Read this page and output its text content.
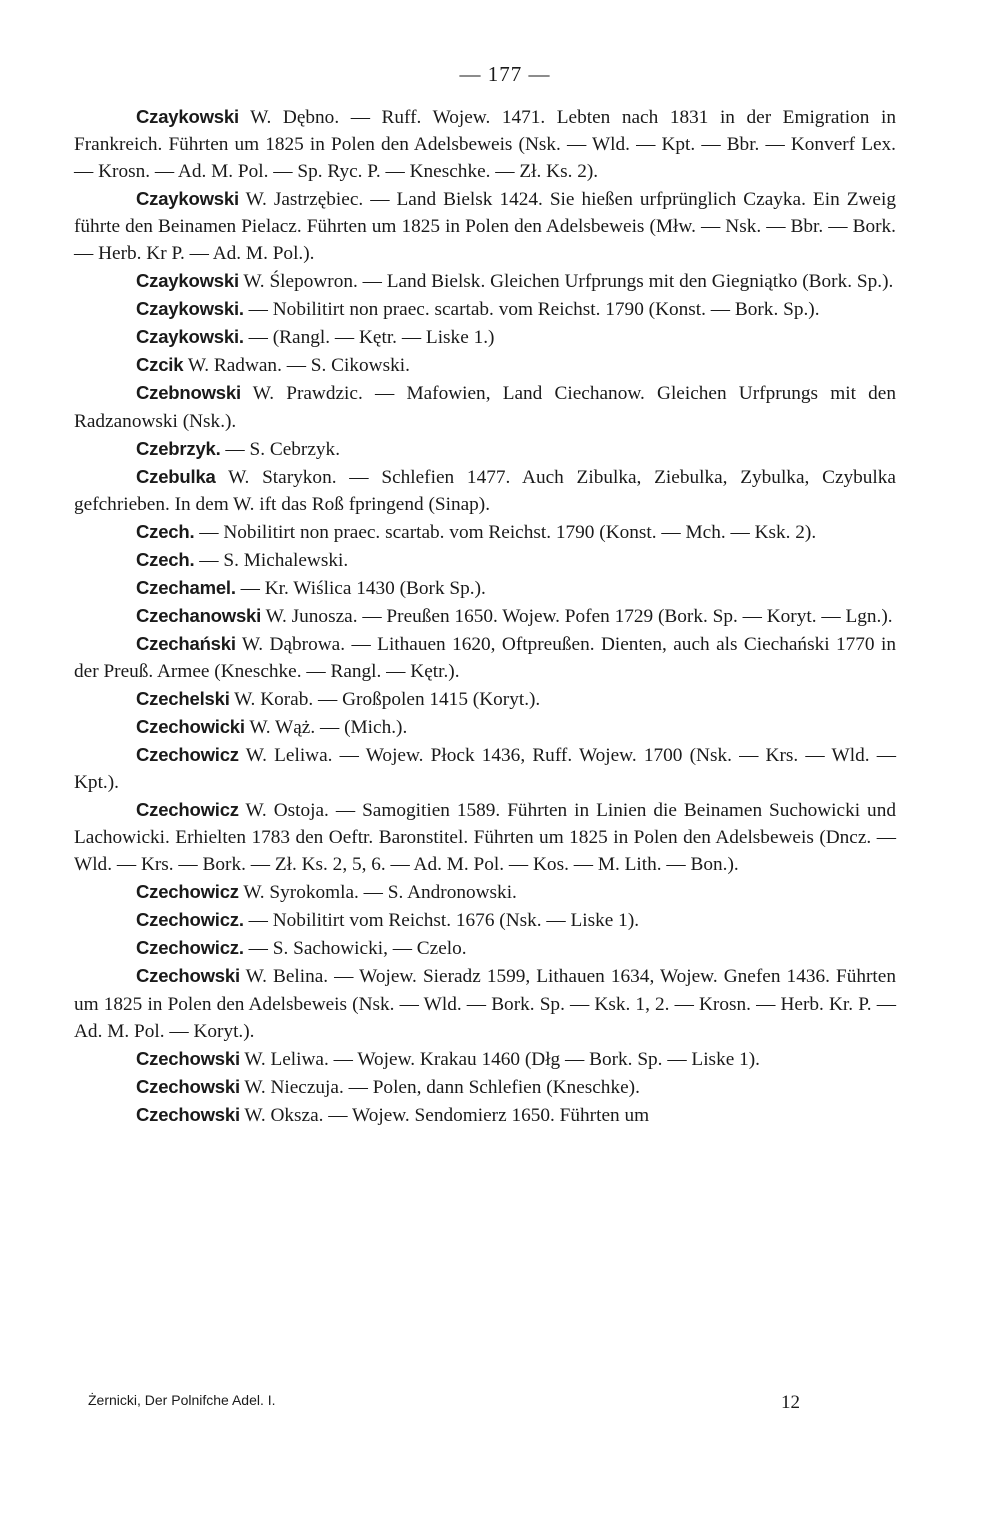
— 177 —

Czaykowski W. Dębno. — Ruff. Wojew. 1471. Lebten nach 1831 in der Emigration in Frankreich. Führten um 1825 in Polen den Adelsbeweis (Nsk. — Wld. — Kpt. — Bbr. — Konverf Lex. — Krosn. — Ad. M. Pol. — Sp. Ryc. P. — Kneschke. — Zł. Ks. 2).

Czaykowski W. Jastrzębiec. — Land Bielsk 1424. Sie hießen urfprünglich Czayka. Ein Zweig führte den Beinamen Pielacz. Führten um 1825 in Polen den Adelsbeweis (Młw. — Nsk. — Bbr. — Bork. — Herb. Kr P. — Ad. M. Pol.).

Czaykowski W. Ślepowron. — Land Bielsk. Gleichen Urfprungs mit den Giegniątko (Bork. Sp.).

Czaykowski. — Nobilitirt non praec. scartab. vom Reichst. 1790 (Konst. — Bork. Sp.).

Czaykowski. — (Rangl. — Kętr. — Liske 1.)

Czcik W. Radwan. — S. Cikowski.

Czebnowski W. Prawdzic. — Mafowien, Land Ciechanow. Gleichen Urfprungs mit den Radzanowski (Nsk.).

Czebrzyk. — S. Cebrzyk.

Czebulka W. Starykon. — Schlefien 1477. Auch Zibulka, Ziebulka, Zybulka, Czybulka gefchrieben. In dem W. ift das Roß fpringend (Sinap).

Czech. — Nobilitirt non praec. scartab. vom Reichst. 1790 (Konst. — Mch. — Ksk. 2).

Czech. — S. Michalewski.

Czechamel. — Kr. Wiślica 1430 (Bork Sp.).

Czechanowski W. Junosza. — Preußen 1650. Wojew. Pofen 1729 (Bork. Sp. — Koryt. — Lgn.).

Czechański W. Dąbrowa. — Lithauen 1620, Oftpreußen. Dienten, auch als Ciechański 1770 in der Preuß. Armee (Kneschke. — Rangl. — Kętr.).

Czechelski W. Korab. — Großpolen 1415 (Koryt.).

Czechowicki W. Wąż. — (Mich.).

Czechowicz W. Leliwa. — Wojew. Płock 1436, Ruff. Wojew. 1700 (Nsk. — Krs. — Wld. — Kpt.).

Czechowicz W. Ostoja. — Samogitien 1589. Führten in Linien die Beinamen Suchowicki und Lachowicki. Erhielten 1783 den Oeftr. Baronstitel. Führten um 1825 in Polen den Adelsbeweis (Dncz. — Wld. — Krs. — Bork. — Zł. Ks. 2, 5, 6. — Ad. M. Pol. — Kos. — M. Lith. — Bon.).

Czechowicz W. Syrokomla. — S. Andronowski.

Czechowicz. — Nobilitirt vom Reichst. 1676 (Nsk. — Liske 1).

Czechowicz. — S. Sachowicki, — Czelo.

Czechowski W. Belina. — Wojew. Sieradz 1599, Lithauen 1634, Wojew. Gnefen 1436. Führten um 1825 in Polen den Adelsbeweis (Nsk. — Wld. — Bork. Sp. — Ksk. 1, 2. — Krosn. — Herb. Kr. P. — Ad. M. Pol. — Koryt.).

Czechowski W. Leliwa. — Wojew. Krakau 1460 (Dłg — Bork. Sp. — Liske 1).

Czechowski W. Nieczuja. — Polen, dann Schlefien (Kneschke).

Czechowski W. Oksza. — Wojew. Sendomierz 1650. Führten um

Żernicki, Der Polnifche Adel. I.	12
